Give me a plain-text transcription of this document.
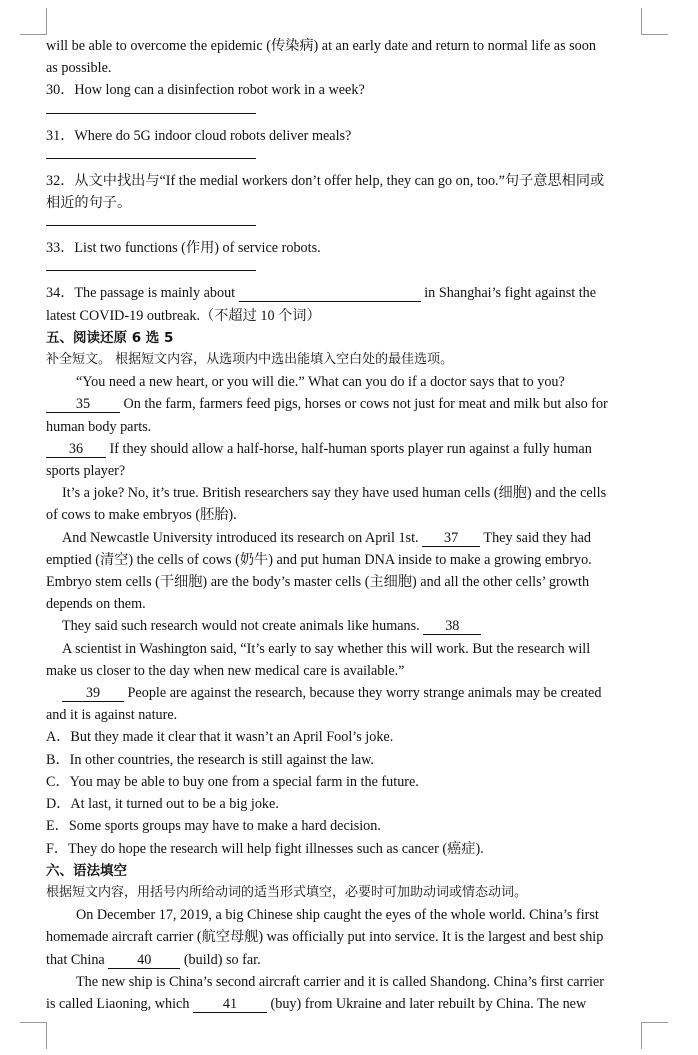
will be able to overcome the epidemic (传染病) at an early date and return to normal life as soon
as possible.
30．How long can a disinfection robot work in a week?
31．Where do 5G indoor cloud robots deliver meals?
32．从文中找出与“If the medial workers don’t offer help, they can go on, too.”句子意思相同或
相近的句子。
33．List two functions (作用) of service robots.
34．The passage is mainly about	in Shanghai’s fight against the
latest COVID-19 outbreak.（不超过 10 个词）
五、阅读还原 6 选 5
补全短文。 根据短文内容，从选项内中选出能填入空白处的最佳选项。
“You need a new heart, or you will die.” What can you do if a doctor says that to you?
35 On the farm, farmers feed pigs, horses or cows not just for meat and milk but also for
human body parts.
36 If they should allow a half-horse, half-human sports player run against a fully human
sports player?
It’s a joke? No, it’s true. British researchers say they have used human cells (细胞) and the cells
of cows to make embryos (胚胎).
And Newcastle University introduced its research on April 1st. 37 They said they had
emptied (清空) the cells of cows (奶牛) and put human DNA inside to make a growing embryo.
Embryo stem cells (干细胞) are the body’s master cells (主细胞) and all the other cells’ growth
depends on them.
They said such research would not create animals like humans. 38
A scientist in Washington said, “It’s early to say whether this will work. But the research will
make us closer to the day when new medical care is available.”
39 People are against the research, because they worry strange animals may be created
and it is against nature.
A．But they made it clear that it wasn’t an April Fool’s joke.
B．In other countries, the research is still against the law.
C．You may be able to buy one from a special farm in the future.
D．At last, it turned out to be a big joke.
E．Some sports groups may have to make a hard decision.
F．They do hope the research will help fight illnesses such as cancer (癌症).
六、语法填空
根据短文内容，用括号内所给动词的适当形式填空，必要时可加助动词或情态动词。
On December 17, 2019, a big Chinese ship caught the eyes of the whole world. China’s first
homemade aircraft carrier (航空母舰) was officially put into service. It is the largest and best ship
that China 40 (build) so far.
The new ship is China’s second aircraft carrier and it is called Shandong. China’s first carrier
is called Liaoning, which 41 (buy) from Ukraine and later rebuilt by China. The new
